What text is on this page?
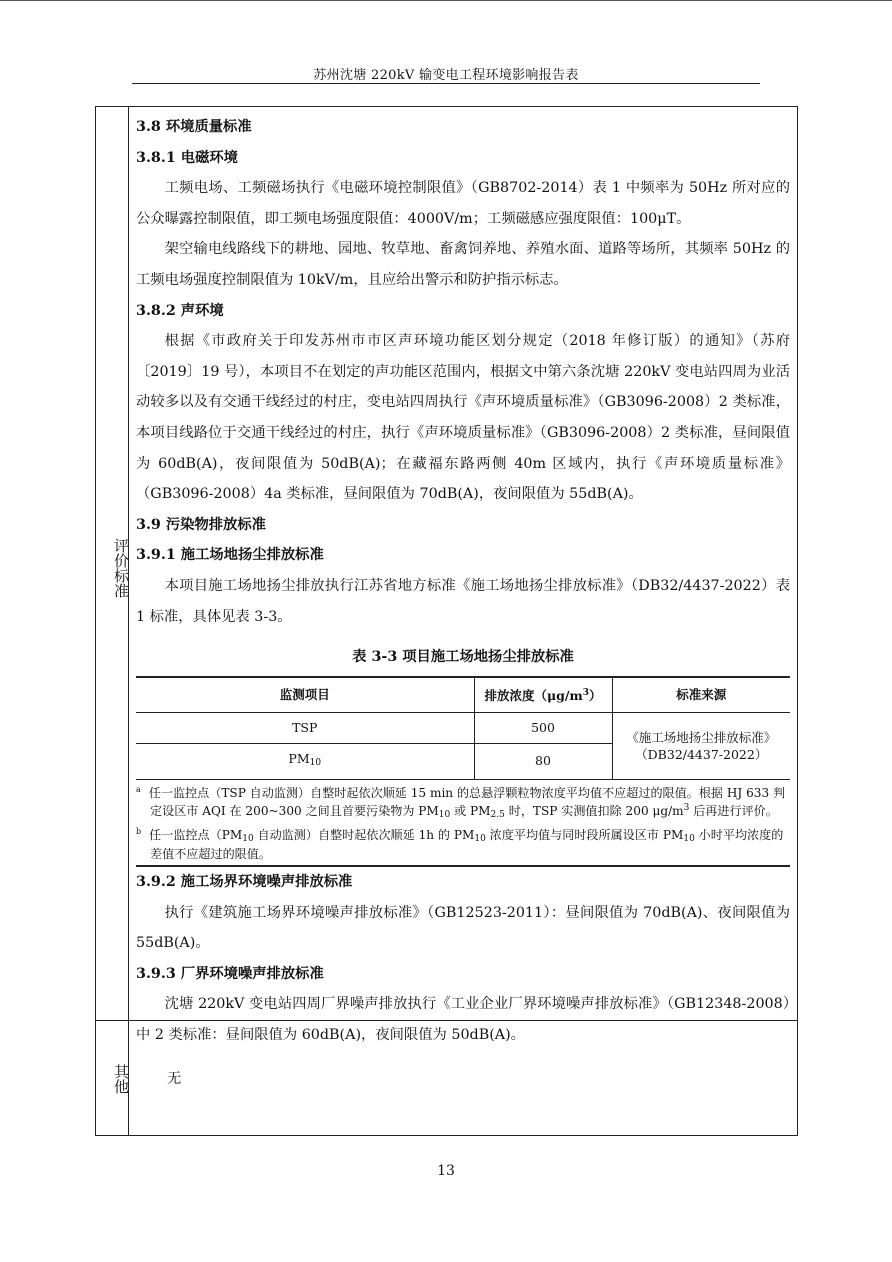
苏州沈塘 220kV 输变电工程环境影响报告表
评价标准
其他
3.8 环境质量标准
3.8.1 电磁环境
工频电场、工频磁场执行《电磁环境控制限值》（GB8702-2014）表 1 中频率为 50Hz 所对应的公众曝露控制限值，即工频电场强度限值：4000V/m；工频磁感应强度限值：100μT。
架空输电线路线下的耕地、园地、牧草地、畜禽饲养地、养殖水面、道路等场所，其频率 50Hz 的工频电场强度控制限值为 10kV/m，且应给出警示和防护指示标志。
3.8.2 声环境
根据《市政府关于印发苏州市市区声环境功能区划分规定（2018 年修订版）的通知》（苏府〔2019〕19 号），本项目不在划定的声功能区范围内，根据文中第六条沈塘 220kV 变电站四周为业活动较多以及有交通干线经过的村庄，变电站四周执行《声环境质量标准》（GB3096-2008）2 类标准，本项目线路位于交通干线经过的村庄，执行《声环境质量标准》（GB3096-2008）2 类标准，昼间限值为 60dB(A)，夜间限值为 50dB(A)；在藏福东路两侧 40m 区域内，执行《声环境质量标准》（GB3096-2008）4a 类标准，昼间限值为 70dB(A)，夜间限值为 55dB(A)。
3.9 污染物排放标准
3.9.1 施工场地扬尘排放标准
本项目施工场地扬尘排放执行江苏省地方标准《施工场地扬尘排放标准》（DB32/4437-2022）表 1 标准，具体见表 3-3。
表 3-3 项目施工场地扬尘排放标准
监测项目	排放浓度$(\mu g/m^3)$	标准来源
TSP	500	《施工场地扬尘排放标准》（DB32/4437-2022）
$PM_{10}$	80	
$^a$ 任一监控点（TSP 自动监测）自整时起依次顺延 15 min 的总悬浮颗粒物浓度平均值不应超过的限值。根据 HJ 633 判定设区市 AQI 在 200~300 之间且首要污染物为 $PM_{10}$ 或 $PM_{2.5}$ 时，TSP 实测值扣除 200 $\mu g/m^3$ 后再进行评价。
$^b$ 任一监控点（$PM_{10}$ 自动监测）自整时起依次顺延 1h 的 $PM_{10}$ 浓度平均值与同时段所属设区市 $PM_{10}$ 小时平均浓度的差值不应超过的限值。
3.9.2 施工场界环境噪声排放标准
执行《建筑施工场界环境噪声排放标准》（GB12523-2011）：昼间限值为 70dB(A)、夜间限值为 55dB(A)。
3.9.3 厂界环境噪声排放标准
沈塘 220kV 变电站四周厂界噪声排放执行《工业企业厂界环境噪声排放标准》（GB12348-2008）中 2 类标准：昼间限值为 60dB(A)，夜间限值为 50dB(A)。
无
13
